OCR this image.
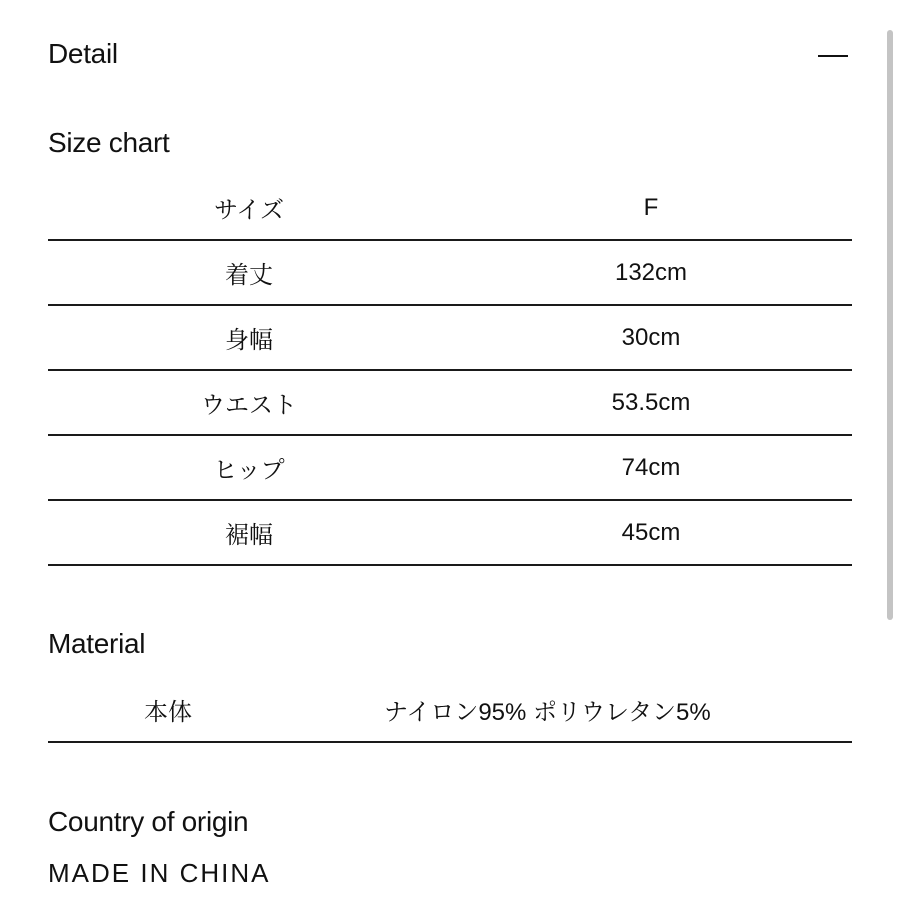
Detail
Size chart
サイズ	F
着丈	132cm
身幅	30cm
ウエスト	53.5cm
ヒップ	74cm
裾幅	45cm
Material
本体	ナイロン95% ポリウレタン5%
Country of origin
MADE IN CHINA
